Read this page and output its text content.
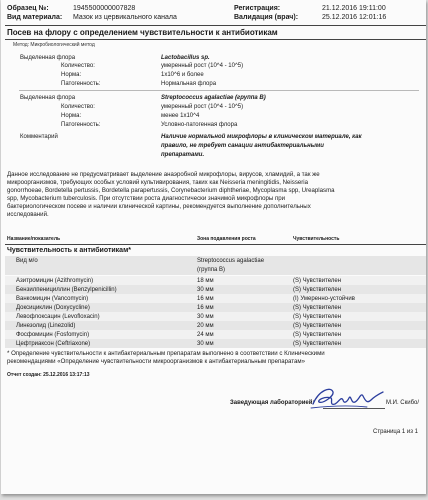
Образец №:	1945500000007828
Вид материала: Мазок из цервикального канала
Регистрация:	21.12.2016 19:11:00
Валидация (врач):	25.12.2016 12:01:16
Посев на флору с определением чувствительности к антибиотикам
Метод: Микробиологический метод
Выделенная флора	Lactobacillus sp.
Количество:	умеренный рост (10^4 - 10^5)
Норма:	1х10^6 и более
Патогенность:	Нормальная флора
Выделенная флора	Streptococcus agalactiae (группа B)
Количество:	умеренный рост (10^4 - 10^5)
Норма:	менее 1х10^4
Патогенность:	Условно-патогенная флора
Комментарий	Наличие нормальной микрофлоры в клиническом материале, как
правило, не требует санации антибактериальными
препаратами.
Данное исследование не предусматривает выделение анаэробной микрофлоры, вирусов, хламидий, а так же
микроорганизмов, требующих особых условий культивирования, таких как Neisseria meningitidis, Neisseria
gonorrhoeae, Bordetella pertussis, Bordetella parapertussis, Corynebacterium diphtheriae, Mycoplasma spp, Ureaplasma
spp, Mycobacterium tuberculosis. При отсутствии роста диагностически значимой микрофлоры при
бактериологическом посеве и наличии клинической картины, рекомендуется выполнение дополнительных
исследований.
Название/показатель	Зона подавления роста	Чувствительность
Чувствительность к антибиотикам*
Вид м/о	Streptococcus agalactiae
(группа B)
Азитромицин (Azithromycin)	18 мм	(S) Чувствителен
Бензилпенициллин (Benzylpenicillin)	30 мм	(S) Чувствителен
Ванкомицин (Vancomycin)	16 мм	(I) Умеренно-устойчив
Доксициклин (Doxycycline)	16 мм	(S) Чувствителен
Левофлоксацин (Levofloxacin)	30 мм	(S) Чувствителен
Линезолид (Linezolid)	20 мм	(S) Чувствителен
Фосфомицин (Fosfomycin)	24 мм	(S) Чувствителен
Цефтриаксон (Ceftriaxone)	30 мм	(S) Чувствителен
* Определение чувствительности к антибактериальным препаратам выполнено в соответствии с Клиническими
рекомендациями «Определение чувствительности микроорганизмов к антибактериальным препаратам»
Отчет создан: 25.12.2016 13:17:13
Заведующая лабораторией:	М.И. Скибо/
Страница 1 из 1
